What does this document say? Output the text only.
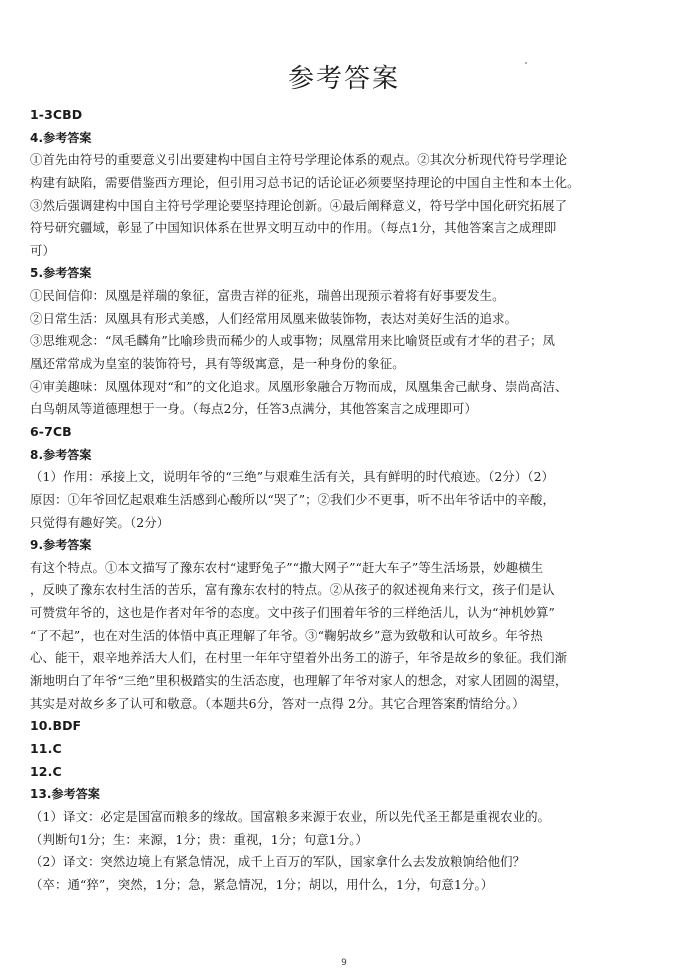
参考答案
1-3CBD
4.参考答案
①首先由符号的重要意义引出要建构中国自主符号学理论体系的观点。②其次分析现代符号学理论
构建有缺陷，需要借鉴西方理论，但引用习总书记的话论证必须要坚持理论的中国自主性和本土化。
③然后强调建构中国自主符号学理论要坚持理论创新。④最后阐释意义，符号学中国化研究拓展了
符号研究疆域，彰显了中国知识体系在世界文明互动中的作用。（每点1分，其他答案言之成理即
可）
5.参考答案
①民间信仰：凤凰是祥瑞的象征，富贵吉祥的征兆，瑞兽出现预示着将有好事要发生。
②日常生活：凤凰具有形式美感，人们经常用凤凰来做装饰物，表达对美好生活的追求。
③思维观念：“凤毛麟角”比喻珍贵而稀少的人或事物；凤凰常用来比喻贤臣或有才华的君子；凤
凰还常常成为皇室的装饰符号，具有等级寓意，是一种身份的象征。
④审美趣味：凤凰体现对“和”的文化追求。凤凰形象融合万物而成，凤凰集舍己献身、崇尚高洁、
白鸟朝凤等道德理想于一身。（每点2分，任答3点满分，其他答案言之成理即可）
6-7CB
8.参考答案
（1）作用：承接上文，说明年爷的“三绝”与艰难生活有关，具有鲜明的时代痕迹。（2分）（2）
原因：①年爷回忆起艰难生活感到心酸所以“哭了”；②我们少不更事，听不出年爷话中的辛酸，
只觉得有趣好笑。（2分）
9.参考答案
有这个特点。①本文描写了豫东农村“逮野兔子”“撒大网子”“赶大车子”等生活场景，妙趣横生
，反映了豫东农村生活的苦乐，富有豫东农村的特点。②从孩子的叙述视角来行文，孩子们是认
可赞赏年爷的，这也是作者对年爷的态度。文中孩子们围着年爷的三样绝活儿，认为“神机妙算”
“了不起”，也在对生活的体悟中真正理解了年爷。③“鞠躬故乡”意为致敬和认可故乡。年爷热
心、能干，艰辛地养活大人们，在村里一年年守望着外出务工的游子，年爷是故乡的象征。我们渐
渐地明白了年爷“三绝”里积极踏实的生活态度，也理解了年爷对家人的想念，对家人团圆的渴望，
其实是对故乡多了认可和敬意。（本题共6分，答对一点得 2分。其它合理答案酌情给分。）
10.BDF
11.C
12.C
13.参考答案
（1）译文：必定是国富而粮多的缘故。国富粮多来源于农业，所以先代圣王都是重视农业的。
（判断句1分；生：来源，1分；贵：重视，1分；句意1分。）
（2）译文：突然边境上有紧急情况，成千上百万的军队，国家拿什么去发放粮饷给他们？
（卒：通“猝”，突然，1分；急，紧急情况，1分；胡以，用什么，1分，句意1分。）
9
